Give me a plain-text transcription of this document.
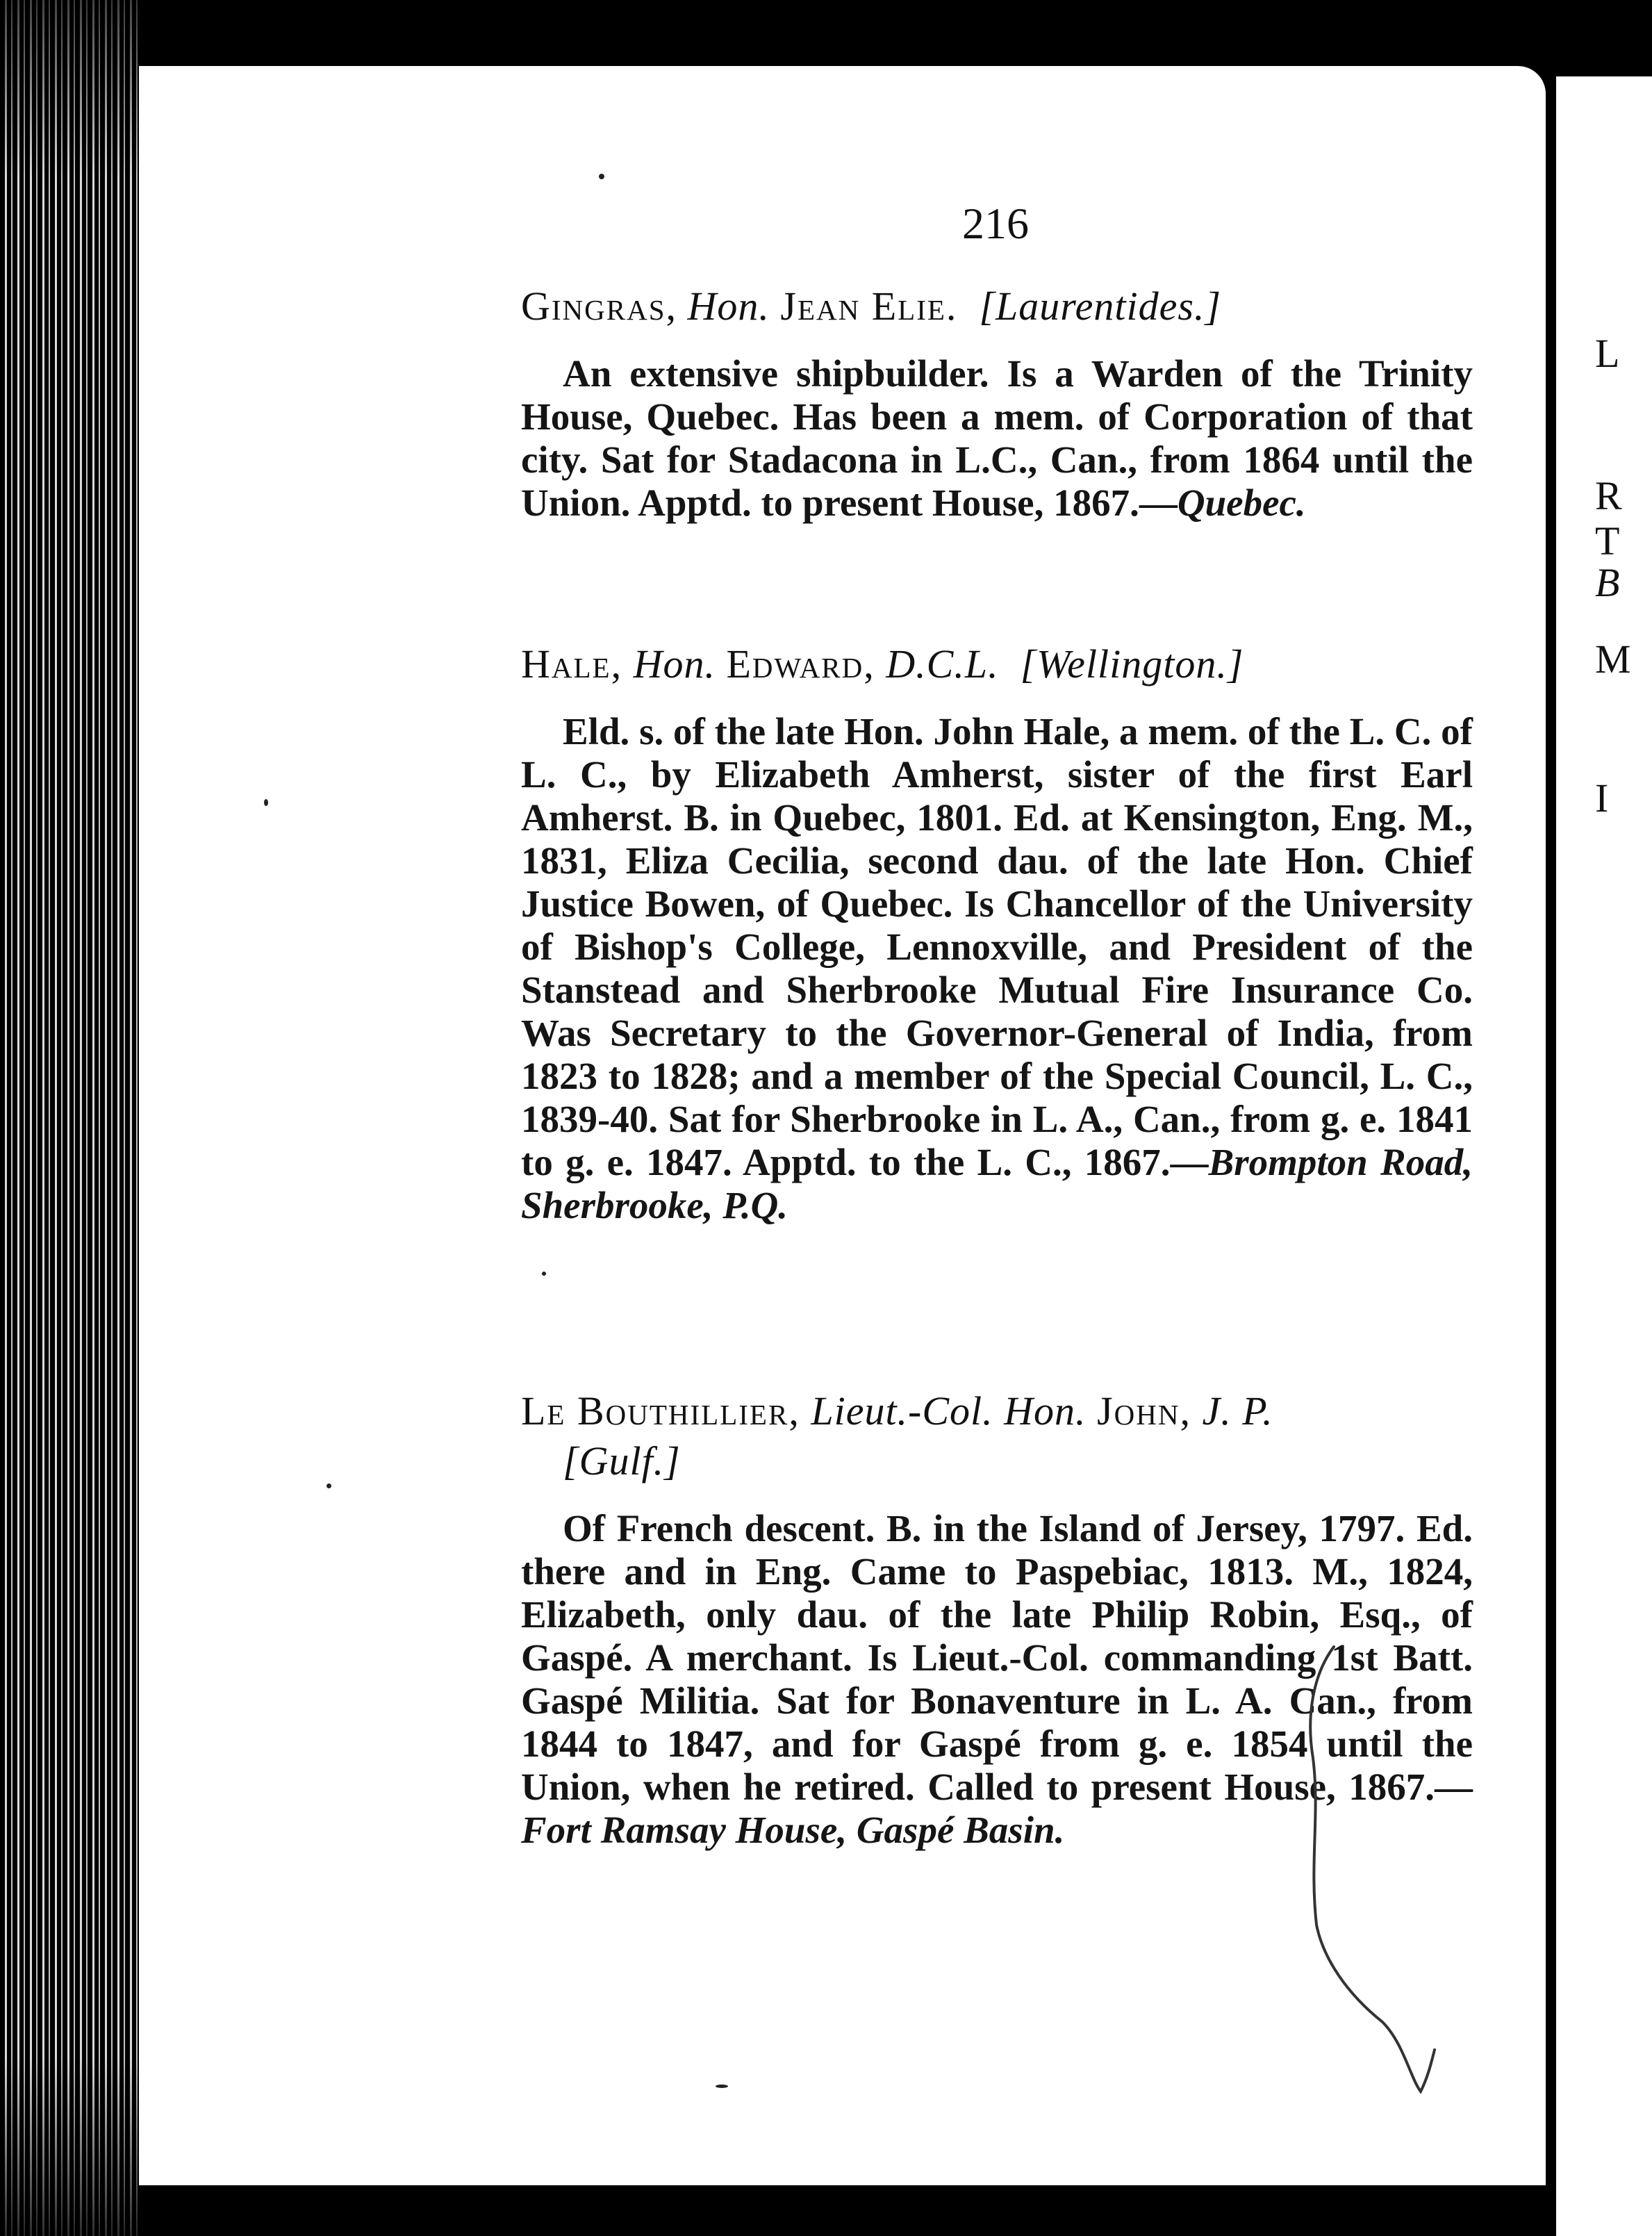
L
R
T
B
M
I
216
Gingras, Hon. Jean Elie. [Laurentides.]
An extensive shipbuilder. Is a Warden of the Trinity House, Quebec. Has been a mem. of Corporation of that city. Sat for Stadacona in L.C., Can., from 1864 until the Union. Apptd. to present House, 1867.—Quebec.
Hale, Hon. Edward, D.C.L. [Wellington.]
Eld. s. of the late Hon. John Hale, a mem. of the L. C. of L. C., by Elizabeth Amherst, sister of the first Earl Amherst. B. in Quebec, 1801. Ed. at Kensington, Eng. M., 1831, Eliza Cecilia, second dau. of the late Hon. Chief Justice Bowen, of Quebec. Is Chancellor of the University of Bishop's College, Lennoxville, and President of the Stanstead and Sherbrooke Mutual Fire Insurance Co. Was Secretary to the Governor-General of India, from 1823 to 1828; and a member of the Special Council, L. C., 1839-40. Sat for Sherbrooke in L. A., Can., from g. e. 1841 to g. e. 1847. Apptd. to the L. C., 1867.—Brompton Road, Sherbrooke, P.Q.
Le Bouthillier, Lieut.-Col. Hon. John, J. P.
[Gulf.]
Of French descent. B. in the Island of Jersey, 1797. Ed. there and in Eng. Came to Paspebiac, 1813. M., 1824, Elizabeth, only dau. of the late Philip Robin, Esq., of Gaspé. A merchant. Is Lieut.-Col. commanding 1st Batt. Gaspé Militia. Sat for Bonaventure in L. A. Can., from 1844 to 1847, and for Gaspé from g. e. 1854 until the Union, when he retired. Called to present House, 1867.—Fort Ramsay House, Gaspé Basin.
